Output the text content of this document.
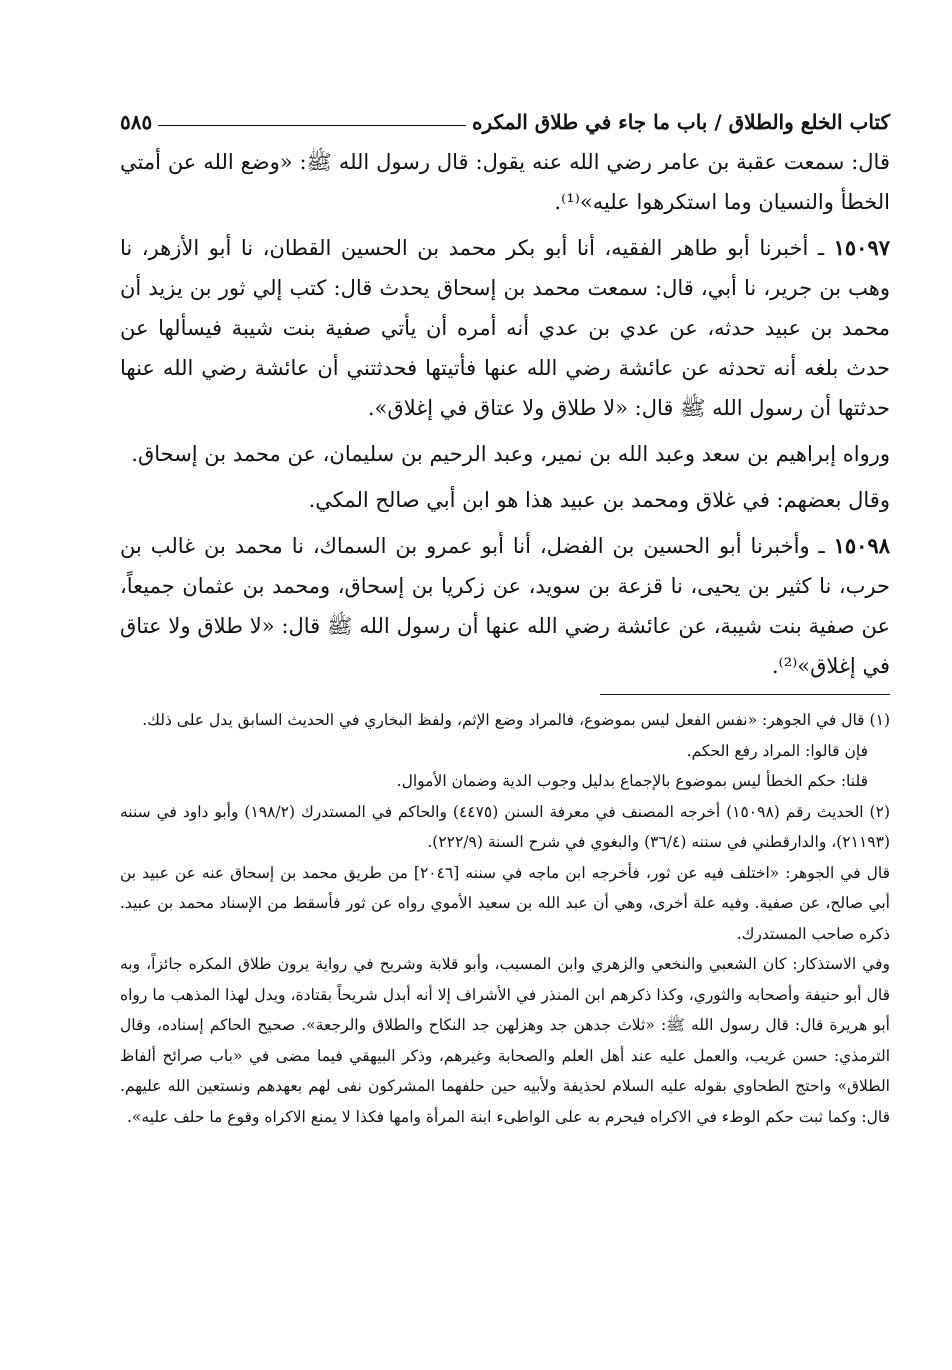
كتاب الخلع والطلاق / باب ما جاء في طلاق المكره
٥٨٥

قال: سمعت عقبة بن عامر رضي الله عنه يقول: قال رسول الله ﷺ: «وضع الله عن أمتي الخطأ والنسيان وما استكرهوا عليه»⁽¹⁾.

١٥٠٩٧ ـ أخبرنا أبو طاهر الفقيه، أنا أبو بكر محمد بن الحسين القطان، نا أبو الأزهر، نا وهب بن جرير، نا أبي، قال: سمعت محمد بن إسحاق يحدث قال: كتب إلي ثور بن يزيد أن محمد بن عبيد حدثه، عن عدي بن عدي أنه أمره أن يأتي صفية بنت شيبة فيسألها عن حدث بلغه أنه تحدثه عن عائشة رضي الله عنها فأتيتها فحدثتني أن عائشة رضي الله عنها حدثتها أن رسول الله ﷺ قال: «لا طلاق ولا عتاق في إغلاق».

ورواه إبراهيم بن سعد وعبد الله بن نمير، وعبد الرحيم بن سليمان، عن محمد بن إسحاق.

وقال بعضهم: في غلاق ومحمد بن عبيد هذا هو ابن أبي صالح المكي.

١٥٠٩٨ ـ وأخبرنا أبو الحسين بن الفضل، أنا أبو عمرو بن السماك، نا محمد بن غالب بن حرب، نا كثير بن يحيى، نا قزعة بن سويد، عن زكريا بن إسحاق، ومحمد بن عثمان جميعاً، عن صفية بنت شيبة، عن عائشة رضي الله عنها أن رسول الله ﷺ قال: «لا طلاق ولا عتاق في إغلاق»⁽²⁾.

(١) قال في الجوهر: «نفس الفعل ليس بموضوع، فالمراد وضع الإثم، ولفظ البخاري في الحديث السابق يدل على ذلك.

فإن قالوا: المراد رفع الحكم.

قلنا: حكم الخطأ ليس بموضوع بالإجماع بدليل وجوب الدية وضمان الأموال.

(٢) الحديث رقم (١٥٠٩٨) أخرجه المصنف في معرفة السنن (٤٤٧٥) والحاكم في المستدرك (١٩٨/٢) وأبو داود في سننه (٢١١٩٣)، والدارقطني في سننه (٣٦/٤) والبغوي في شرح السنة (٢٢٢/٩).

قال في الجوهر: «اختلف فيه عن ثور، فأخرجه ابن ماجه في سننه [٢٠٤٦] من طريق محمد بن إسحاق عنه عن عبيد بن أبي صالح، عن صفية. وفيه علة أخرى، وهي أن عبد الله بن سعيد الأموي رواه عن ثور فأسقط من الإسناد محمد بن عبيد. ذكره صاحب المستدرك.

وفي الاستذكار: كان الشعبي والنخعي والزهري وابن المسيب، وأبو قلابة وشريح في رواية يرون طلاق المكره جائزاً، وبه قال أبو حنيفة وأصحابه والثوري، وكذا ذكرهم ابن المنذر في الأشراف إلا أنه أبدل شريحاً بقتادة، ويدل لهذا المذهب ما رواه أبو هريرة قال: قال رسول الله ﷺ: «ثلاث جدهن جد وهزلهن جد النكاح والطلاق والرجعة». صحيح الحاكم إسناده، وقال الترمذي: حسن غريب، والعمل عليه عند أهل العلم والصحابة وغيرهم، وذكر البيهقي فيما مضى في «باب صرائح ألفاظ الطلاق» واحتج الطحاوي بقوله عليه السلام لحذيفة ولأبيه حين حلفهما المشركون نفى لهم بعهدهم ونستعين الله عليهم. قال: وكما ثبت حكم الوطء في الاكراه فيحرم به على الواطىء ابنة المرأة وامها فكذا لا يمنع الاكراه وقوع ما حلف عليه».
